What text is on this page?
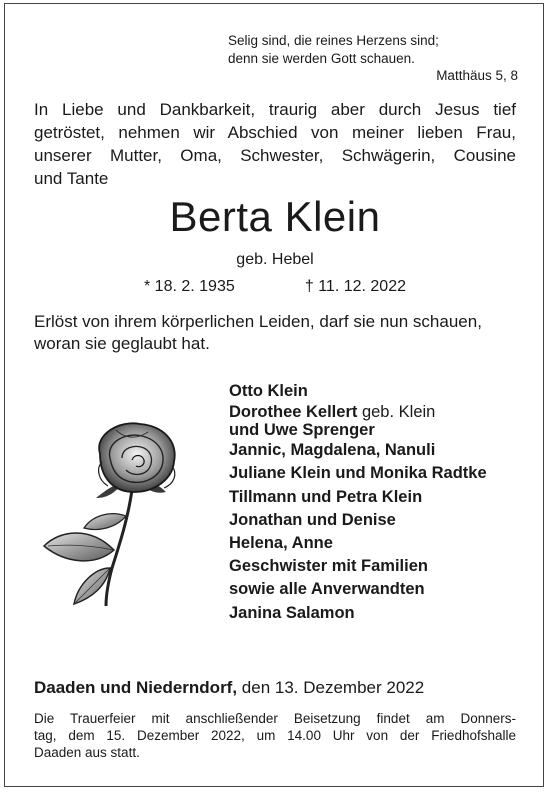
Selig sind, die reines Herzens sind;
denn sie werden Gott schauen.
Matthäus 5, 8
In Liebe und Dankbarkeit, traurig aber durch Jesus tief
getröstet, nehmen wir Abschied von meiner lieben Frau,
unserer Mutter, Oma, Schwester, Schwägerin, Cousine
und Tante
Berta Klein
geb. Hebel
* 18. 2. 1935	† 11. 12. 2022
Erlöst von ihrem körperlichen Leiden, darf sie nun schauen,
woran sie geglaubt hat.
Otto Klein
Dorothee Kellert geb. Klein
und Uwe Sprenger
Jannic, Magdalena, Nanuli
Juliane Klein und Monika Radtke
Tillmann und Petra Klein
Jonathan und Denise
Helena, Anne
Geschwister mit Familien
sowie alle Anverwandten
Janina Salamon
Daaden und Niederndorf, den 13. Dezember 2022
Die Trauerfeier mit anschließender Beisetzung findet am Donners-
tag, dem 15. Dezember 2022, um 14.00 Uhr von der Friedhofshalle
Daaden aus statt.
